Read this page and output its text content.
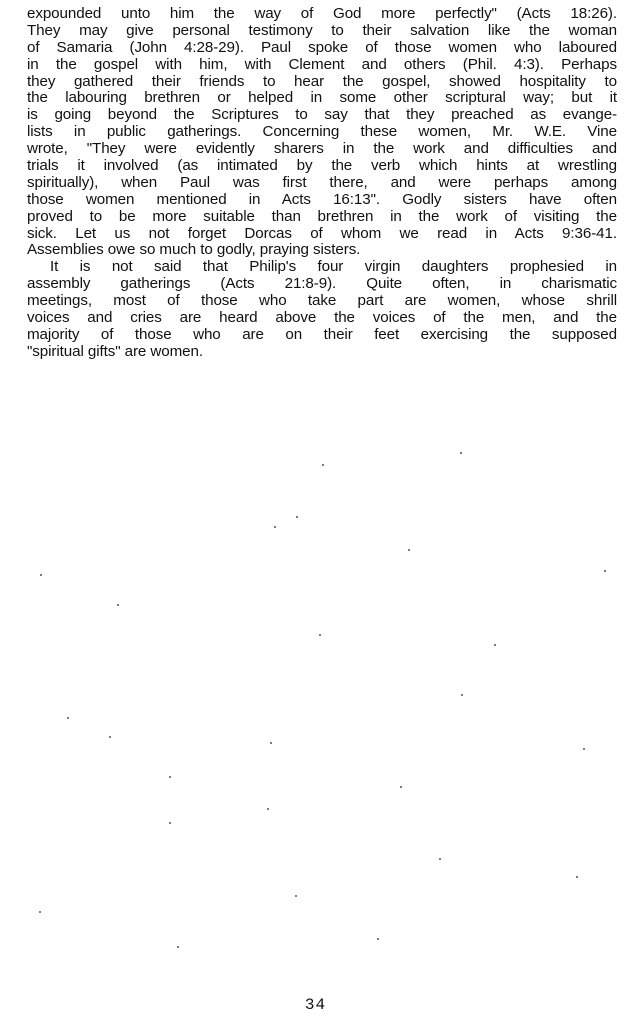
expounded unto him the way of God more perfectly" (Acts 18:26).
They may give personal testimony to their salvation like the woman
of Samaria (John 4:28-29). Paul spoke of those women who laboured
in the gospel with him, with Clement and others (Phil. 4:3). Perhaps
they gathered their friends to hear the gospel, showed hospitality to
the labouring brethren or helped in some other scriptural way; but it
is going beyond the Scriptures to say that they preached as evange-
lists in public gatherings. Concerning these women, Mr. W.E. Vine
wrote, "They were evidently sharers in the work and difficulties and
trials it involved (as intimated by the verb which hints at wrestling
spiritually), when Paul was first there, and were perhaps among
those women mentioned in Acts 16:13". Godly sisters have often
proved to be more suitable than brethren in the work of visiting the
sick. Let us not forget Dorcas of whom we read in Acts 9:36-41.
Assemblies owe so much to godly, praying sisters.
It is not said that Philip's four virgin daughters prophesied in
assembly gatherings (Acts 21:8-9). Quite often, in charismatic
meetings, most of those who take part are women, whose shrill
voices and cries are heard above the voices of the men, and the
majority of those who are on their feet exercising the supposed
"spiritual gifts" are women.
34
